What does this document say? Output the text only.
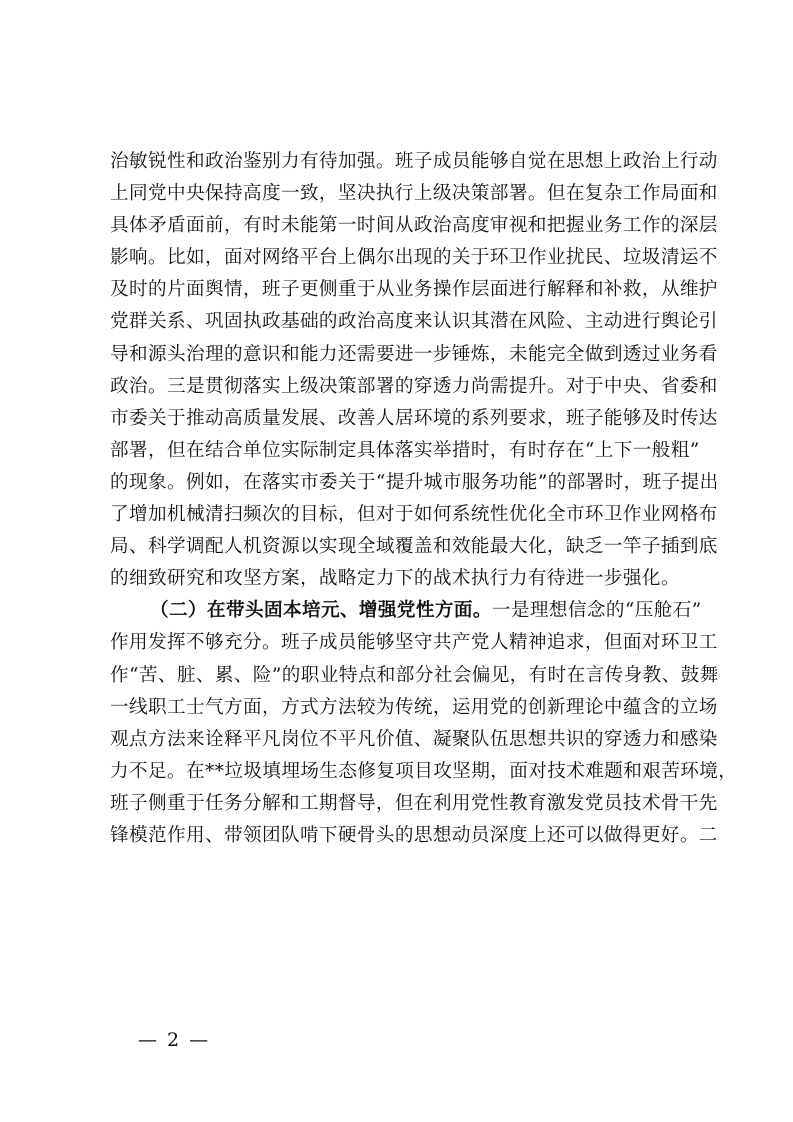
治敏锐性和政治鉴别力有待加强。班子成员能够自觉在思想上政治上行动
上同党中央保持高度一致，坚决执行上级决策部署。但在复杂工作局面和
具体矛盾面前，有时未能第一时间从政治高度审视和把握业务工作的深层
影响。比如，面对网络平台上偶尔出现的关于环卫作业扰民、垃圾清运不
及时的片面舆情，班子更侧重于从业务操作层面进行解释和补救，从维护
党群关系、巩固执政基础的政治高度来认识其潜在风险、主动进行舆论引
导和源头治理的意识和能力还需要进一步锤炼，未能完全做到透过业务看
政治。三是贯彻落实上级决策部署的穿透力尚需提升。对于中央、省委和
市委关于推动高质量发展、改善人居环境的系列要求，班子能够及时传达
部署，但在结合单位实际制定具体落实举措时，有时存在“上下一般粗”
的现象。例如，在落实市委关于“提升城市服务功能”的部署时，班子提出
了增加机械清扫频次的目标，但对于如何系统性优化全市环卫作业网格布
局、科学调配人机资源以实现全域覆盖和效能最大化，缺乏一竿子插到底
的细致研究和攻坚方案，战略定力下的战术执行力有待进一步强化。
（二）在带头固本培元、增强党性方面。一是理想信念的“压舱石”
作用发挥不够充分。班子成员能够坚守共产党人精神追求，但面对环卫工
作“苦、脏、累、险”的职业特点和部分社会偏见，有时在言传身教、鼓舞
一线职工士气方面，方式方法较为传统，运用党的创新理论中蕴含的立场
观点方法来诠释平凡岗位不平凡价值、凝聚队伍思想共识的穿透力和感染
力不足。在**垃圾填埋场生态修复项目攻坚期，面对技术难题和艰苦环境，
班子侧重于任务分解和工期督导，但在利用党性教育激发党员技术骨干先
锋模范作用、带领团队啃下硬骨头的思想动员深度上还可以做得更好。二
— 2 —
